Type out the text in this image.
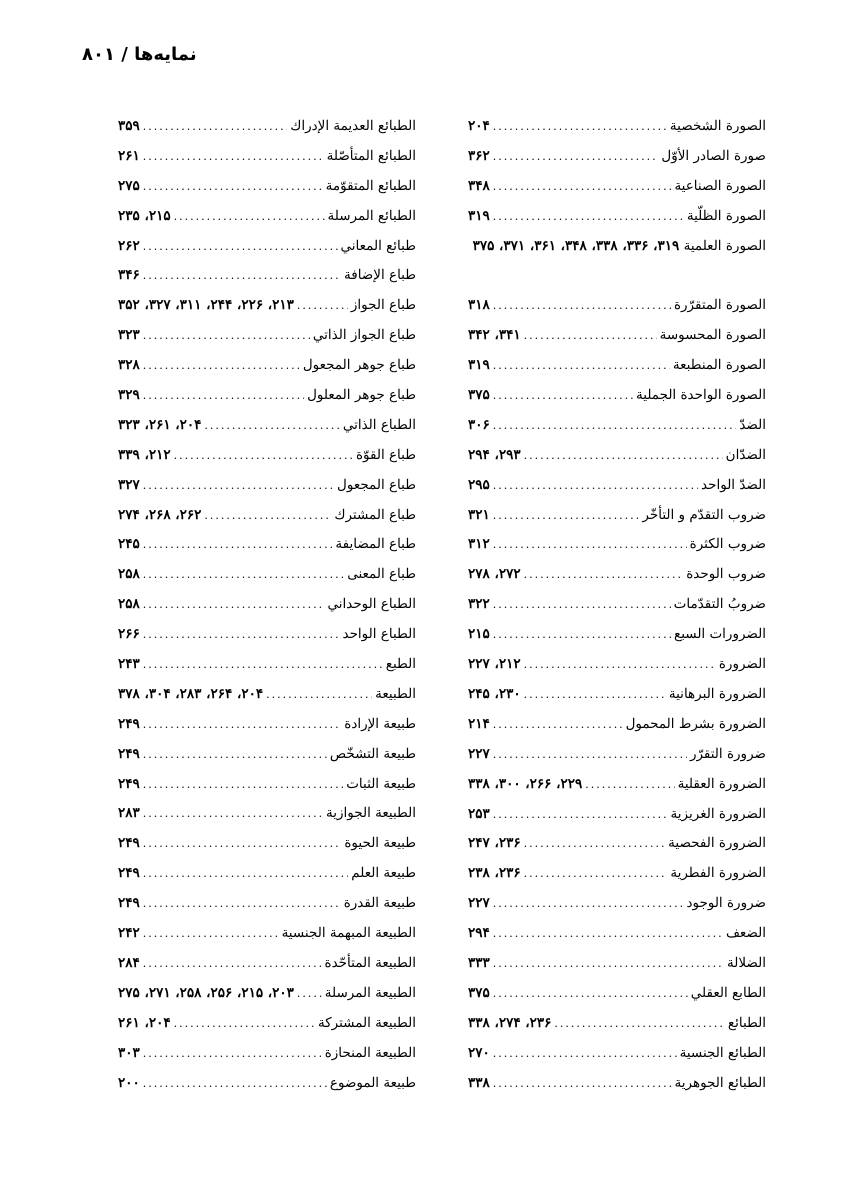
نمايه‌ها / ۸۰۱
الصورة الشخصية
.....
۲۰۴
صورة الصادر الأوّل
.....
۳۶۲
الصورة الصناعية
.....
۳۴۸
الصورة الظلّية
.....
۳۱۹
الصورة العلمية ۳۱۹، ۳۳۶، ۳۳۸، ۳۴۸، ۳۶۱، ۳۷۱، ۳۷۵
الصورة المتقرّرة
.....
۳۱۸
الصورة المحسوسة
.....
۳۴۱، ۳۴۲
الصورة المنطبعة
.....
۳۱۹
الصورة الواحدة الجملية
.....
۳۷۵
الضدّ
.....
۳۰۶
الضدّان
.....
۲۹۳، ۲۹۴
الضدّ الواحد
.....
۲۹۵
ضروب التقدّم و التأخّر
.....
۳۲۱
ضروب الكثرة
.....
۳۱۲
ضروب الوحدة
.....
۲۷۲، ۲۷۸
ضروبُ التقدّمات
.....
۳۲۲
الضرورات السبع
.....
۲۱۵
الضرورة
.....
۲۱۲، ۲۲۷
الضرورة البرهانية
.....
۲۳۰، ۲۴۵
الضرورة بشرط المحمول
.....
۲۱۴
ضرورة التقرّر
.....
۲۲۷
الضرورة العقلية
.....
۲۲۹، ۲۶۶، ۳۰۰، ۳۳۸
الضرورة الغريزية
.....
۲۵۳
الضرورة الفحصية
.....
۲۳۶، ۲۴۷
الضرورة الفطرية
.....
۲۳۶، ۲۳۸
ضرورة الوجود
.....
۲۲۷
الضعف
.....
۲۹۴
الضلالة
.....
۳۳۳
الطابع العقلي
.....
۳۷۵
الطبائع
.....
۲۳۶، ۲۷۴، ۳۳۸
الطبائع الجنسية
.....
۲۷۰
الطبائع الجوهرية
.....
۳۳۸
الطبائع العديمة الإدراك
.....
۳۵۹
الطبائع المتأصّلة
.....
۲۶۱
الطبائع المتقوّمة
.....
۲۷۵
الطبائع المرسلة
.....
۲۱۵، ۲۳۵
طبائع المعاني
.....
۲۶۲
طباع الإضافة
.....
۳۴۶
طباع الجواز
.....
۲۱۳، ۲۲۶، ۲۴۴، ۳۱۱، ۳۲۷، ۳۵۲
طباع الجواز الذاتي
.....
۳۲۳
طباع جوهر المجعول
.....
۳۲۸
طباع جوهر المعلول
.....
۳۲۹
الطباع الذاتي
.....
۲۰۴، ۲۶۱، ۳۲۳
طباع القوّة
.....
۲۱۲، ۳۳۹
طباع المجعول
.....
۳۲۷
طباع المشترك
.....
۲۶۲، ۲۶۸، ۲۷۴
طباع المضايفة
.....
۲۴۵
طباع المعنى
.....
۲۵۸
الطباع الوحداني
.....
۲۵۸
الطباع الواحد
.....
۲۶۶
الطبع
.....
۲۴۳
الطبيعة
.....
۲۰۴، ۲۶۴، ۲۸۳، ۳۰۴، ۳۷۸
طبيعة الإرادة
.....
۲۴۹
طبيعة التشخّص
.....
۲۴۹
طبيعة الثبات
.....
۲۴۹
الطبيعة الجوازية
.....
۲۸۳
طبيعة الحيوة
.....
۲۴۹
طبيعة العلم
.....
۲۴۹
طبيعة القدرة
.....
۲۴۹
الطبيعة المبهمة الجنسية
.....
۲۴۲
الطبيعة المتأحّدة
.....
۲۸۴
الطبيعة المرسلة
.....
۲۰۳، ۲۱۵، ۲۵۶، ۲۵۸، ۲۷۱، ۲۷۵
الطبيعة المشتركة
.....
۲۰۴، ۲۶۱
الطبيعة المنحازة
.....
۳۰۳
طبيعة الموضوع
.....
۲۰۰
